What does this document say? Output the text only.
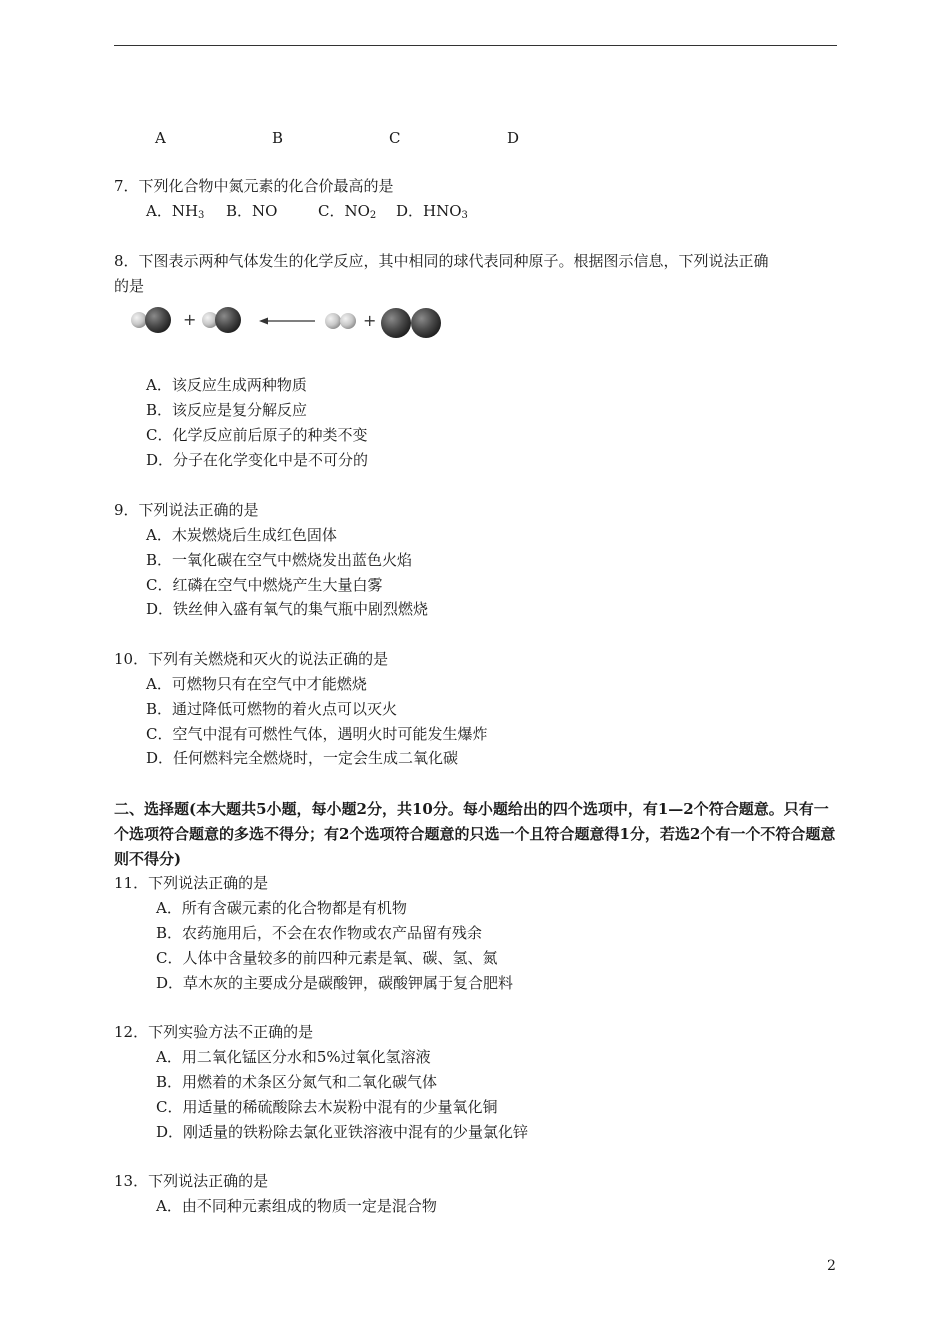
A	B	C	D
7．下列化合物中氮元素的化合价最高的是
A．$NH_3$ B．NO	C．$NO_2$ D．$HNO_3$
8．下图表示两种气体发生的化学反应，其中相同的球代表同种原子。根据图示信息，下列说法正确
的是
+	+
A．该反应生成两种物质
B．该反应是复分解反应
C．化学反应前后原子的种类不变
D．分子在化学变化中是不可分的
9．下列说法正确的是
A．木炭燃烧后生成红色固体
B．一氧化碳在空气中燃烧发出蓝色火焰
C．红磷在空气中燃烧产生大量白雾
D．铁丝伸入盛有氧气的集气瓶中剧烈燃烧
10．下列有关燃烧和灭火的说法正确的是
A．可燃物只有在空气中才能燃烧
B．通过降低可燃物的着火点可以灭火
C．空气中混有可燃性气体，遇明火时可能发生爆炸
D．任何燃料完全燃烧时，一定会生成二氧化碳
二、选择题(本大题共5小题，每小题2分，共10分。每小题给出的四个选项中，有1—2个符合题意。只有一个选项符合题意的多选不得分；有2个选项符合题意的只选一个且符合题意得1分，若选2个有一个不符合题意则不得分)
11．下列说法正确的是
A．所有含碳元素的化合物都是有机物
B．农药施用后，不会在农作物或农产品留有残余
C．人体中含量较多的前四种元素是氧、碳、氢、氮
D．草木灰的主要成分是碳酸钾，碳酸钾属于复合肥料
12．下列实验方法不正确的是
A．用二氧化锰区分水和5%过氧化氢溶液
B．用燃着的术条区分氮气和二氧化碳气体
C．用适量的稀硫酸除去木炭粉中混有的少量氧化铜
D．刚适量的铁粉除去氯化亚铁溶液中混有的少量氯化锌
13．下列说法正确的是
A．由不同种元素组成的物质一定是混合物
2
